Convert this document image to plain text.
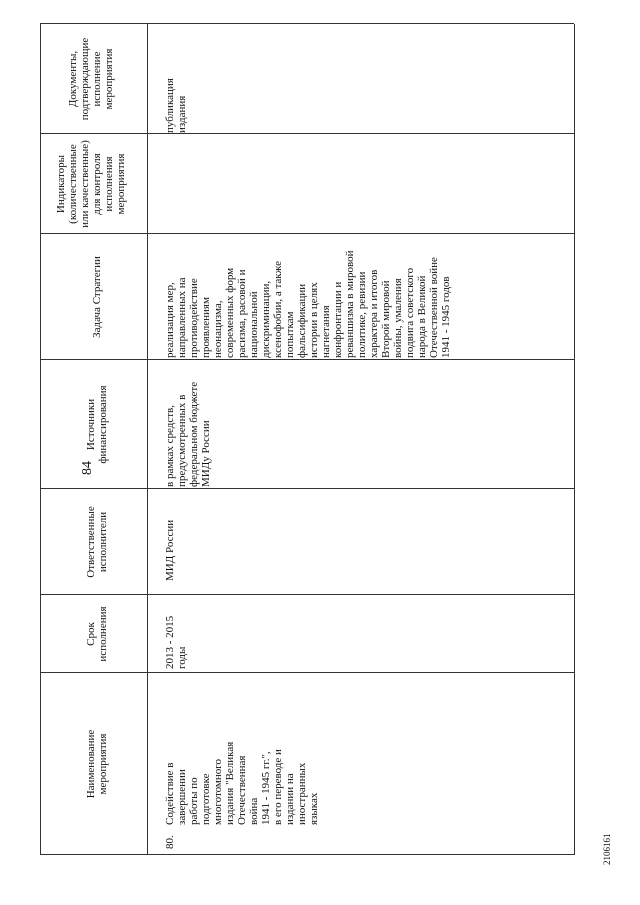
84
Наименование
мероприятия
Срок
исполнения
Ответственные
исполнители
Источники
финансирования
Задача Стратегии
Индикаторы
(количественные
или качественные)
для контроля
исполнения
мероприятия
Документы,
подтверждающие
исполнение
мероприятия
80.
Содействие в
завершении
работы по
подготовке
многотомного
издания "Великая
Отечественная
война
1941 - 1945 гг.",
в его переводе и
издании на
иностранных
языках
2013 - 2015
годы
МИД России
в рамках средств,
предусмотренных в
федеральном бюджете
МИДу России
реализация мер,
направленных на
противодействие
проявлениям
неонацизма,
современных форм
расизма, расовой и
национальной
дискриминации,
ксенофобии, а также
попыткам
фальсификации
истории в целях
нагнетания
конфронтации и
реваншизма в мировой
политике, ревизии
характера и итогов
Второй мировой
войны, умаления
подвига советского
народа в Великой
Отечественной войне
1941 - 1945 годов
публикация
издания
2106161
